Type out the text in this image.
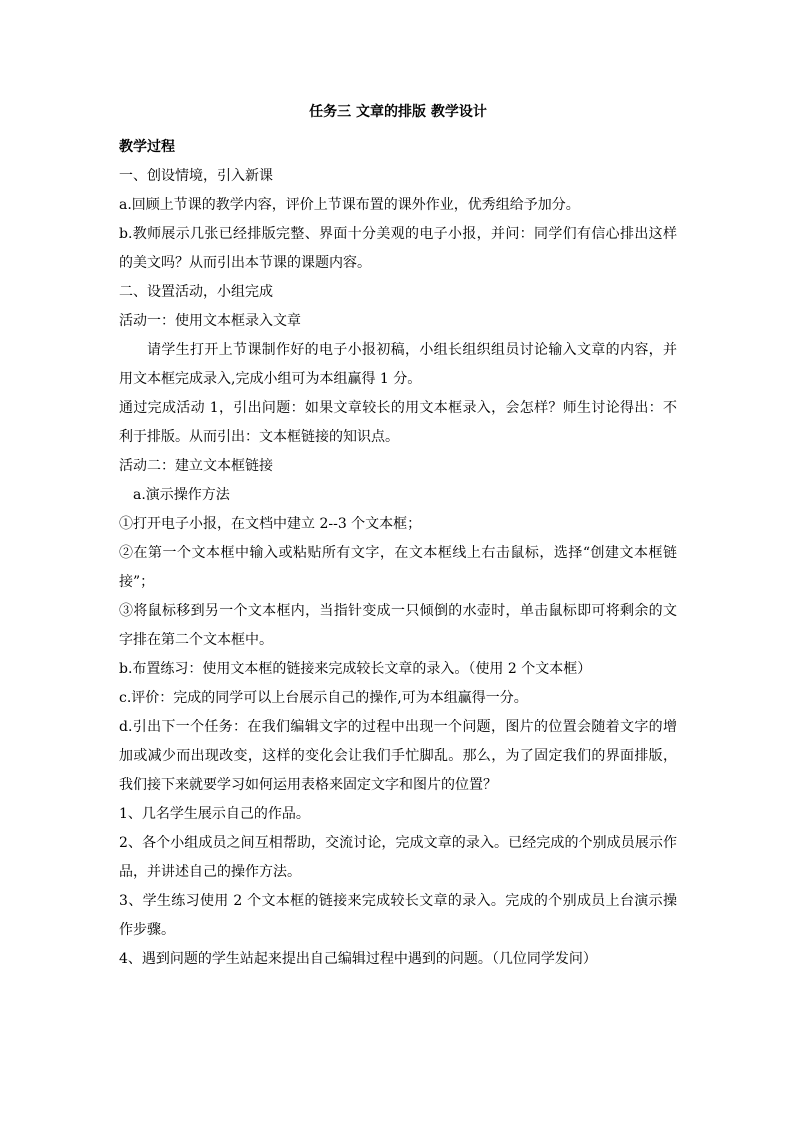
任务三 文章的排版 教学设计

教学过程

一、创设情境，引入新课

a.回顾上节课的教学内容，评价上节课布置的课外作业，优秀组给予加分。

b.教师展示几张已经排版完整、界面十分美观的电子小报，并问：同学们有信心排出这样的美文吗？从而引出本节课的课题内容。

二、设置活动，小组完成

活动一：使用文本框录入文章

请学生打开上节课制作好的电子小报初稿，小组长组织组员讨论输入文章的内容，并用文本框完成录入,完成小组可为本组赢得 1 分。

通过完成活动 1，引出问题：如果文章较长的用文本框录入，会怎样？师生讨论得出：不利于排版。从而引出：文本框链接的知识点。

活动二：建立文本框链接

a.演示操作方法

①打开电子小报，在文档中建立 2--3 个文本框；

②在第一个文本框中输入或粘贴所有文字，在文本框线上右击鼠标，选择“创建文本框链接”；

③将鼠标移到另一个文本框内，当指针变成一只倾倒的水壶时，单击鼠标即可将剩余的文字排在第二个文本框中。

b.布置练习：使用文本框的链接来完成较长文章的录入。（使用 2 个文本框）

c.评价：完成的同学可以上台展示自己的操作,可为本组赢得一分。

d.引出下一个任务：在我们编辑文字的过程中出现一个问题，图片的位置会随着文字的增加或减少而出现改变，这样的变化会让我们手忙脚乱。那么，为了固定我们的界面排版，我们接下来就要学习如何运用表格来固定文字和图片的位置？

1、几名学生展示自己的作品。

2、各个小组成员之间互相帮助，交流讨论，完成文章的录入。已经完成的个别成员展示作品，并讲述自己的操作方法。

3、学生练习使用 2 个文本框的链接来完成较长文章的录入。完成的个别成员上台演示操作步骤。

4、遇到问题的学生站起来提出自己编辑过程中遇到的问题。（几位同学发问）
